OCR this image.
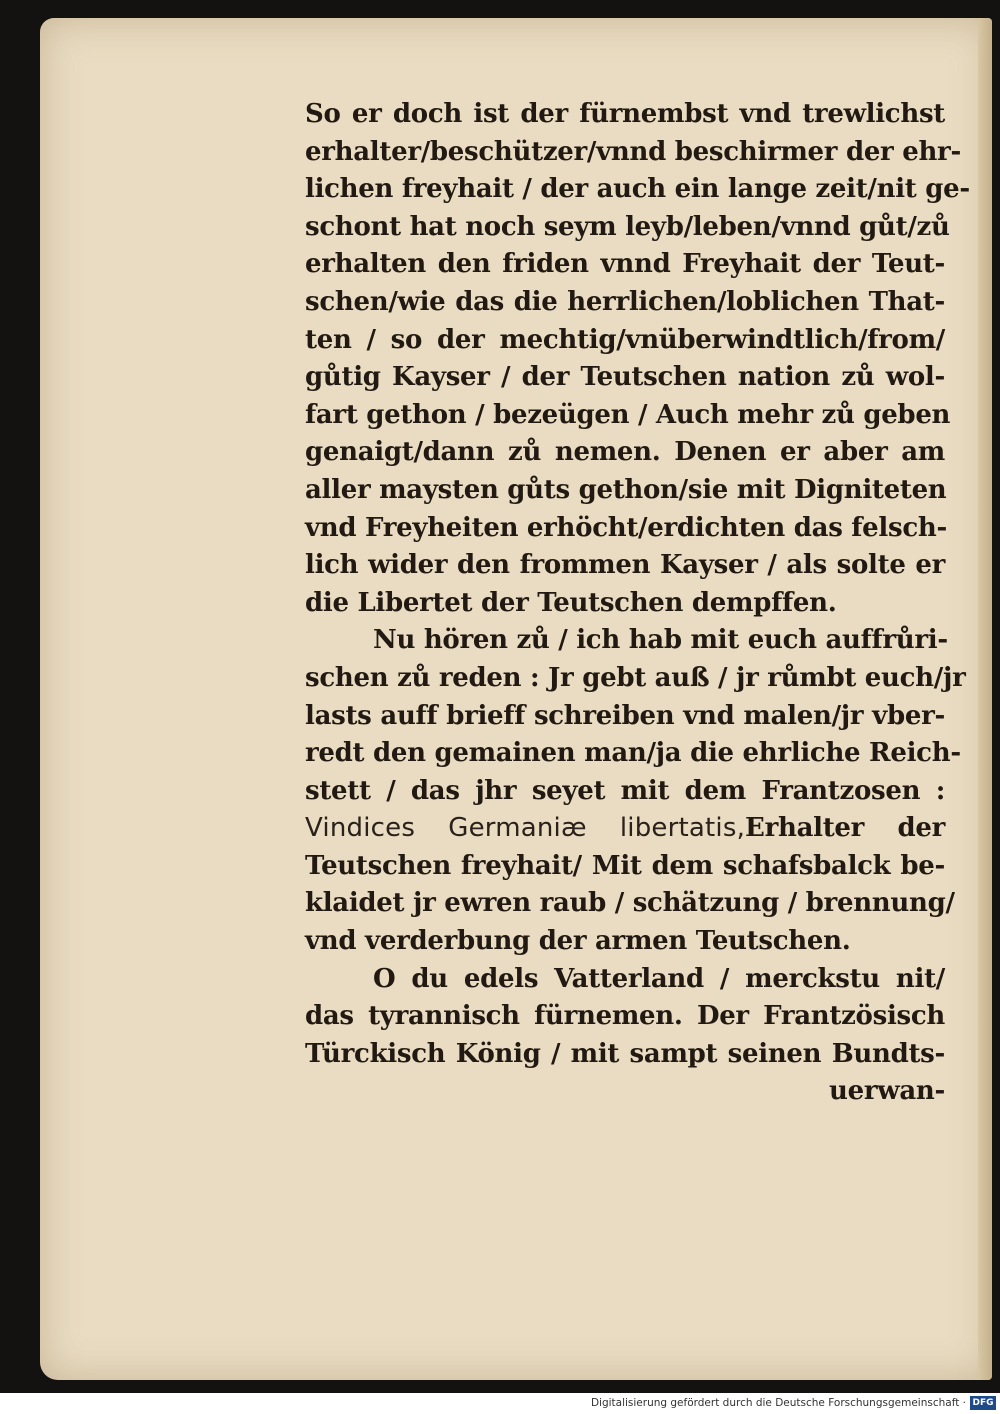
So er doch ist der fürnembst vnd trewlichst
erhalter/beschützer/vnnd beschirmer der ehr-
lichen freyhait / der auch ein lange zeit/nit ge-
schont hat noch seym leyb/leben/vnnd gůt/zů
erhalten den friden vnnd Freyhait der Teut-
schen/wie das die herrlichen/loblichen That-
ten / so der mechtig/vnüberwindtlich/from/
gůtig Kayser / der Teutschen nation zů wol-
fart gethon / bezeügen / Auch mehr zů geben
genaigt/dann zů nemen. Denen er aber am
aller maysten gůts gethon/sie mit Digniteten
vnd Freyheiten erhöcht/erdichten das felsch-
lich wider den frommen Kayser / als solte er
die Libertet der Teutschen dempffen.
Nu hören zů / ich hab mit euch auffrůri-
schen zů reden : Jr gebt auß / jr růmbt euch/jr
lasts auff brieff schreiben vnd malen/jr vber-
redt den gemainen man/ja die ehrliche Reich-
stett / das jhr seyet mit dem Frantzosen :
Vindices Germaniæ libertatis,Erhalter der
Teutschen freyhait/ Mit dem schafsbalck be-
klaidet jr ewren raub / schätzung / brennung/
vnd verderbung der armen Teutschen.
O du edels Vatterland / merckstu nit/
das tyrannisch fürnemen. Der Frantzösisch
Türckisch König / mit sampt seinen Bundts-
uerwan-
Digitalisierung gefördert durch die Deutsche Forschungsgemeinschaft · DFG
